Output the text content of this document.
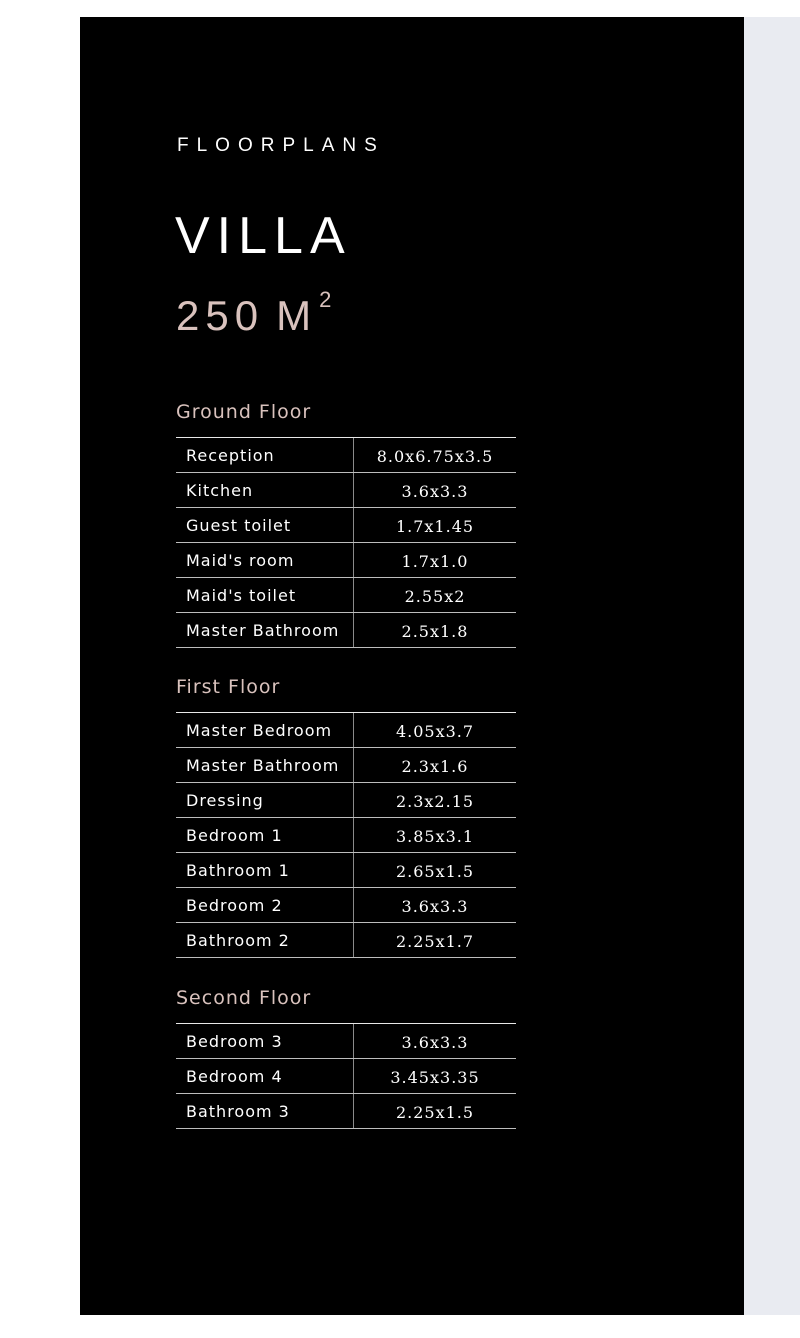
FLOORPLANS
VILLA
250 $M^2$
Ground Floor
Reception	8.0x6.75x3.5
Kitchen	3.6x3.3
Guest toilet	1.7x1.45
Maid's room	1.7x1.0
Maid's toilet	2.55x2
Master Bathroom	2.5x1.8
First Floor
Master Bedroom	4.05x3.7
Master Bathroom	2.3x1.6
Dressing	2.3x2.15
Bedroom 1	3.85x3.1
Bathroom 1	2.65x1.5
Bedroom 2	3.6x3.3
Bathroom 2	2.25x1.7
Second Floor
Bedroom 3	3.6x3.3
Bedroom 4	3.45x3.35
Bathroom 3	2.25x1.5
